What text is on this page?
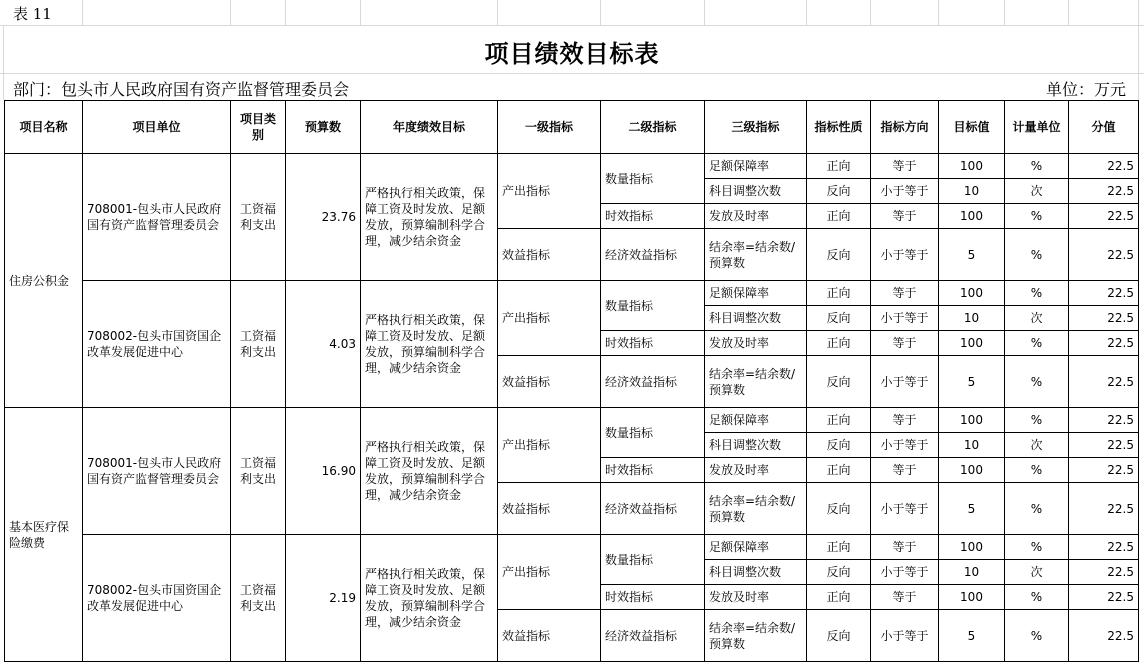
表 11
项目绩效目标表
部门：包头市人民政府国有资产监督管理委员会	单位：万元
项目名称	项目单位	项目类别	预算数	年度绩效目标	一级指标	二级指标	三级指标	指标性质	指标方向	目标值	计量单位	分值
住房公积金	708001-包头市人民政府国有资产监督管理委员会	工资福利支出	23.76	严格执行相关政策，保障工资及时发放、足额发放，预算编制科学合理，减少结余资金	产出指标	数量指标	足额保障率	正向	等于	100	%	22.5
							科目调整次数	反向	小于等于	10	次	22.5
						时效指标	发放及时率	正向	等于	100	%	22.5
					效益指标	经济效益指标	结余率=结余数/预算数	反向	小于等于	5	%	22.5
	708002-包头市国资国企改革发展促进中心	工资福利支出	4.03	严格执行相关政策，保障工资及时发放、足额发放，预算编制科学合理，减少结余资金	产出指标	数量指标	足额保障率	正向	等于	100	%	22.5
							科目调整次数	反向	小于等于	10	次	22.5
						时效指标	发放及时率	正向	等于	100	%	22.5
					效益指标	经济效益指标	结余率=结余数/预算数	反向	小于等于	5	%	22.5
基本医疗保险缴费	708001-包头市人民政府国有资产监督管理委员会	工资福利支出	16.90	严格执行相关政策，保障工资及时发放、足额发放，预算编制科学合理，减少结余资金	产出指标	数量指标	足额保障率	正向	等于	100	%	22.5
							科目调整次数	反向	小于等于	10	次	22.5
						时效指标	发放及时率	正向	等于	100	%	22.5
					效益指标	经济效益指标	结余率=结余数/预算数	反向	小于等于	5	%	22.5
	708002-包头市国资国企改革发展促进中心	工资福利支出	2.19	严格执行相关政策，保障工资及时发放、足额发放，预算编制科学合理，减少结余资金	产出指标	数量指标	足额保障率	正向	等于	100	%	22.5
							科目调整次数	反向	小于等于	10	次	22.5
						时效指标	发放及时率	正向	等于	100	%	22.5
					效益指标	经济效益指标	结余率=结余数/预算数	反向	小于等于	5	%	22.5
